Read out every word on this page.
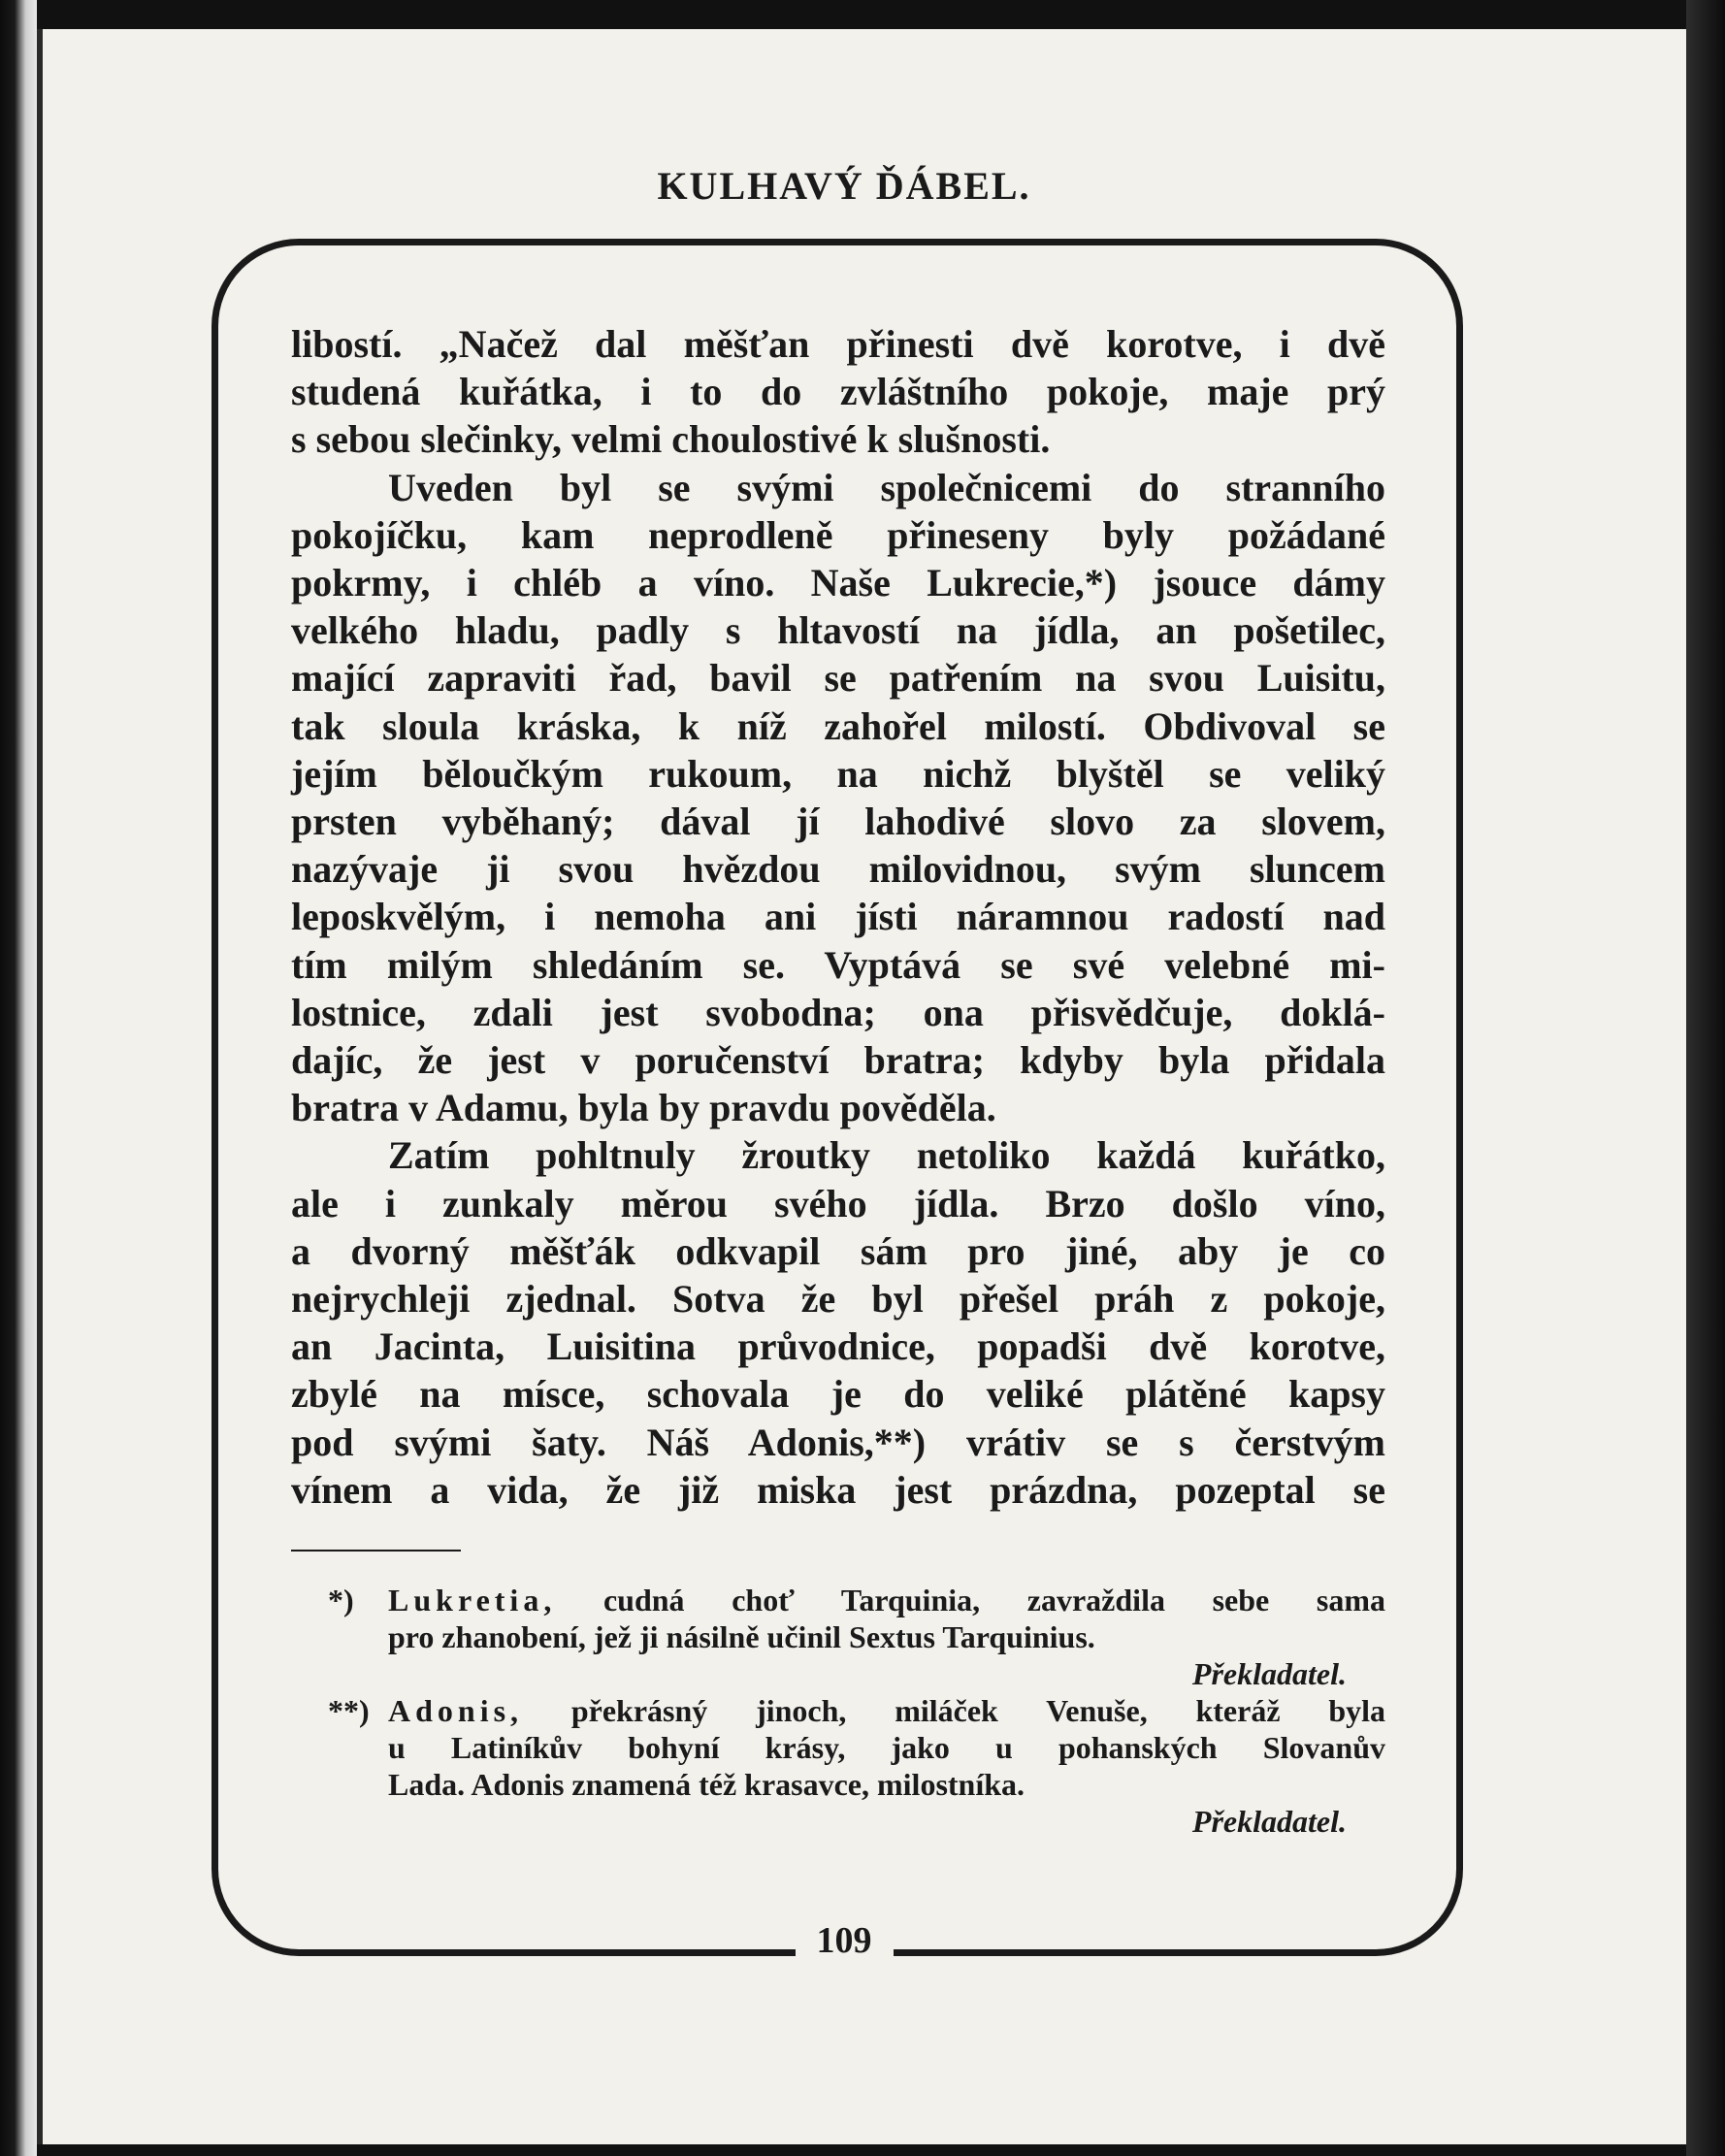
KULHAVÝ ĎÁBEL.
libostí. „Načež dal měšťan přinesti dvě korotve, i dvě
studená kuřátka, i to do zvláštního pokoje, maje prý
s sebou slečinky, velmi choulostivé k slušnosti.
Uveden byl se svými společnicemi do stranního
pokojíčku, kam neprodleně přineseny byly požádané
pokrmy, i chléb a víno. Naše Lukrecie,*) jsouce dámy
velkého hladu, padly s hltavostí na jídla, an pošetilec,
mající zapraviti řad, bavil se patřením na svou Luisitu,
tak sloula kráska, k níž zahořel milostí. Obdivoval se
jejím běloučkým rukoum, na nichž blyštěl se veliký
prsten vyběhaný; dával jí lahodivé slovo za slovem,
nazývaje ji svou hvězdou milovidnou, svým sluncem
leposkvělým, i nemoha ani jísti náramnou radostí nad
tím milým shledáním se. Vyptává se své velebné mi-
lostnice, zdali jest svobodna; ona přisvědčuje, doklá-
dajíc, že jest v poručenství bratra; kdyby byla přidala
bratra v Adamu, byla by pravdu pověděla.
Zatím pohltnuly žroutky netoliko každá kuřátko,
ale i zunkaly měrou svého jídla. Brzo došlo víno,
a dvorný měšťák odkvapil sám pro jiné, aby je co
nejrychleji zjednal. Sotva že byl přešel práh z pokoje,
an Jacinta, Luisitina průvodnice, popadši dvě korotve,
zbylé na mísce, schovala je do veliké plátěné kapsy
pod svými šaty. Náš Adonis,**) vrátiv se s čerstvým
vínem a vida, že již miska jest prázdna, pozeptal se
*) Lukretia, cudná choť Tarquinia, zavraždila sebe sama
pro zhanobení, jež ji násilně učinil Sextus Tarquinius.
Překladatel.
**) Adonis, překrásný jinoch, miláček Venuše, kteráž byla
u Latiníkův bohyní krásy, jako u pohanských Slovanův
Lada. Adonis znamená též krasavce, milostníka.
Překladatel.
109
